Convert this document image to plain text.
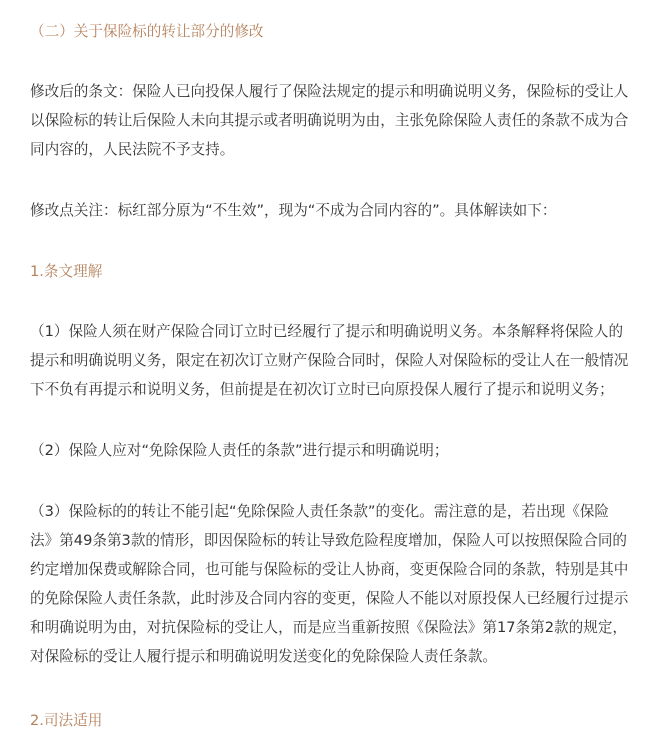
（二）关于保险标的转让部分的修改
修改后的条文：保险人已向投保人履行了保险法规定的提示和明确说明义务，保险标的受让人
以保险标的转让后保险人未向其提示或者明确说明为由，主张免除保险人责任的条款不成为合
同内容的，人民法院不予支持。
修改点关注：标红部分原为“不生效”，现为“不成为合同内容的”。具体解读如下：
1.条文理解
（1）保险人须在财产保险合同订立时已经履行了提示和明确说明义务。本条解释将保险人的
提示和明确说明义务，限定在初次订立财产保险合同时，保险人对保险标的受让人在一般情况
下不负有再提示和说明义务，但前提是在初次订立时已向原投保人履行了提示和说明义务；
（2）保险人应对“免除保险人责任的条款”进行提示和明确说明；
（3）保险标的的转让不能引起“免除保险人责任条款”的变化。需注意的是，若出现《保险
法》第49条第3款的情形，即因保险标的转让导致危险程度增加，保险人可以按照保险合同的
约定增加保费或解除合同，也可能与保险标的受让人协商，变更保险合同的条款，特别是其中
的免除保险人责任条款，此时涉及合同内容的变更，保险人不能以对原投保人已经履行过提示
和明确说明为由，对抗保险标的受让人，而是应当重新按照《保险法》第17条第2款的规定，
对保险标的受让人履行提示和明确说明发送变化的免除保险人责任条款。
2.司法适用
